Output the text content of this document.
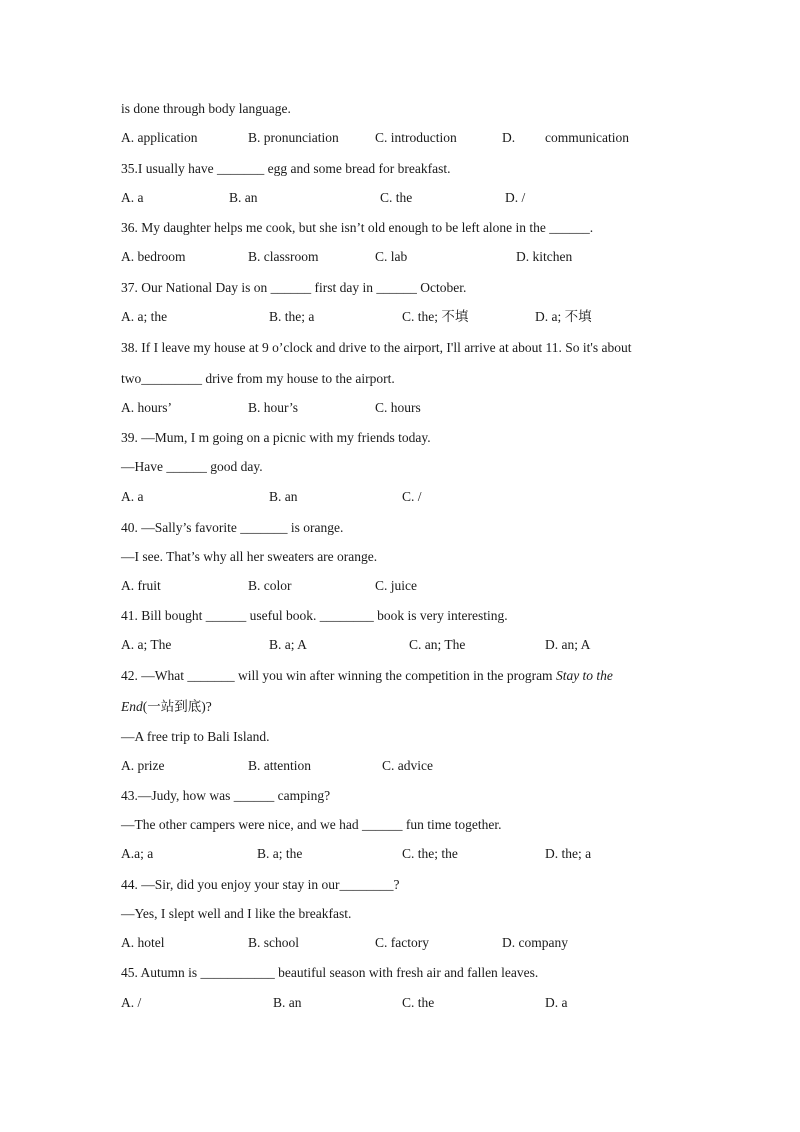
is done through body language.
A. application	B. pronunciation	C. introduction	D. communication
35.I usually have _______ egg and some bread for breakfast.
A. a	B. an	C. the	D. /
36. My daughter helps me cook, but she isn’t old enough to be left alone in the ______.
A. bedroom	B. classroom	C. lab	D. kitchen
37. Our National Day is on ______ first day in ______ October.
A. a; the	B. the; a	C. the; 不填	D. a; 不填
38. If I leave my house at 9 o’clock and drive to the airport, I'll arrive at about 11. So it's about
two_________ drive from my house to the airport.
A. hours’	B. hour’s	C. hours
39. —Mum, I m going on a picnic with my friends today.
—Have ______ good day.
A. a	B. an	C. /
40. —Sally’s favorite _______ is orange.
—I see. That’s why all her sweaters are orange.
A. fruit	B. color	C. juice
41. Bill bought ______ useful book. ________ book is very interesting.
A. a; The	B. a; A	C. an; The	D. an; A
42. —What _______ will you win after winning the competition in the program Stay to the
End(一站到底)?
—A free trip to Bali Island.
A. prize	B. attention	C. advice
43.—Judy, how was ______ camping?
—The other campers were nice, and we had ______ fun time together.
A.a; a	B. a; the	C. the; the	D. the; a
44. —Sir, did you enjoy your stay in our________?
—Yes, I slept well and I like the breakfast.
A. hotel	B. school	C. factory	D. company
45. Autumn is ___________ beautiful season with fresh air and fallen leaves.
A. /	B. an	C. the	D. a
